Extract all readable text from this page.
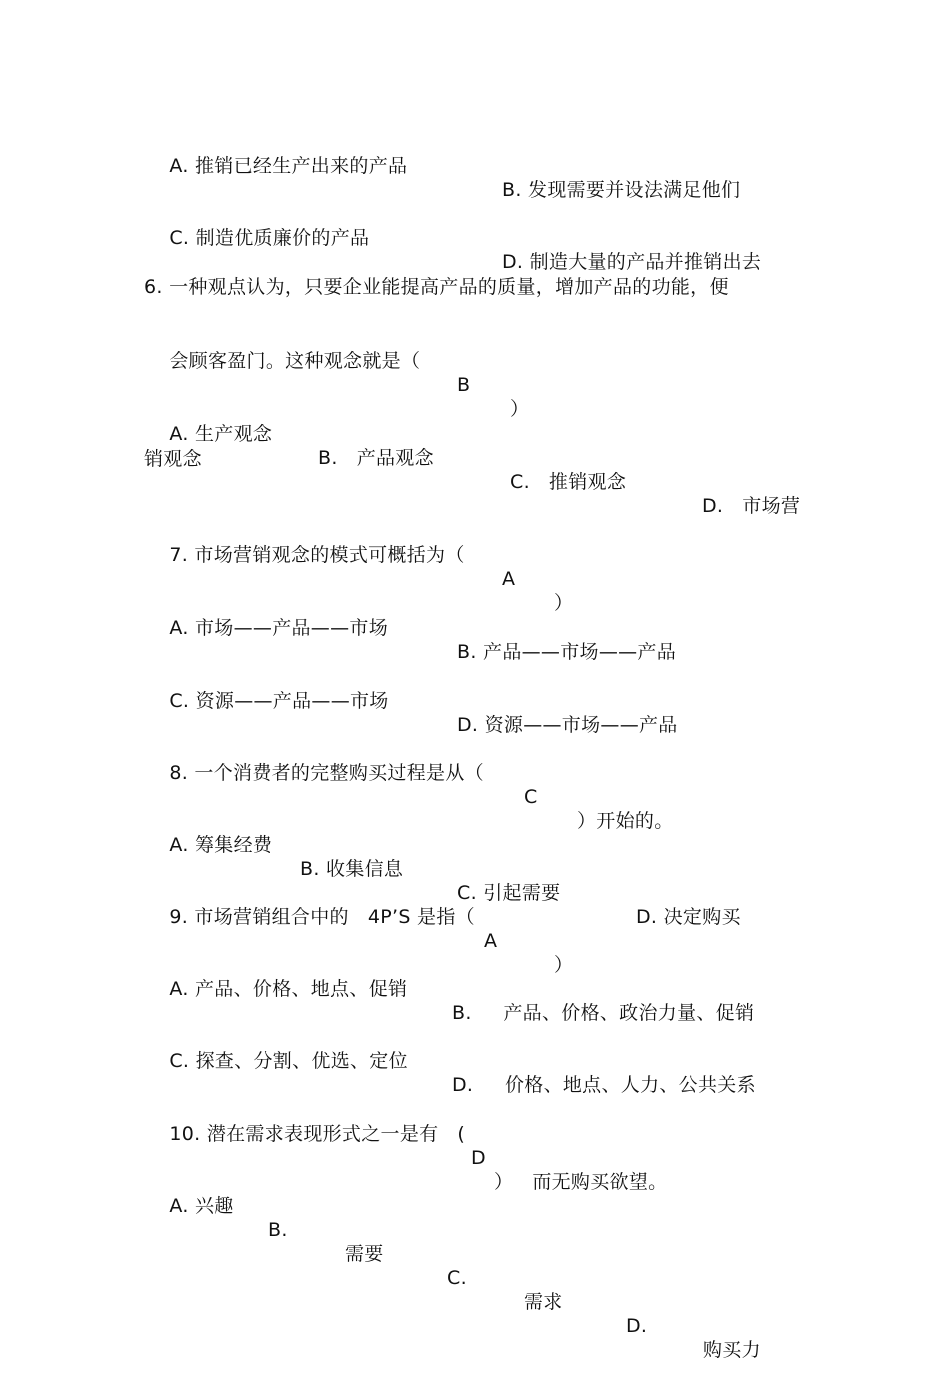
A. 推销已经生产出来的产品

B. 发现需要并设法满足他们

C. 制造优质廉价的产品

D. 制造大量的产品并推销出去

6. 一种观点认为，只要企业能提高产品的质量，增加产品的功能，便

会顾客盈门。这种观念就是（

B

）

A. 生产观念

B.   产品观念

C.   推销观念

D.   市场营

销观念

7. 市场营销观念的模式可概括为（

A

）

A. 市场——产品——市场

B. 产品——市场——产品

C. 资源——产品——市场

D. 资源——市场——产品

8. 一个消费者的完整购买过程是从（

C

）开始的。

A. 筹集经费

B. 收集信息

C. 引起需要

D. 决定购买

9. 市场营销组合中的   4P’S 是指（

A

）

A. 产品、价格、地点、促销

B.     产品、价格、政治力量、促销

C. 探查、分割、优选、定位

D.     价格、地点、人力、公共关系

10. 潜在需求表现形式之一是有   (

D

）   而无购买欲望。

A. 兴趣

B.

需要

C.

需求

D.

购买力
